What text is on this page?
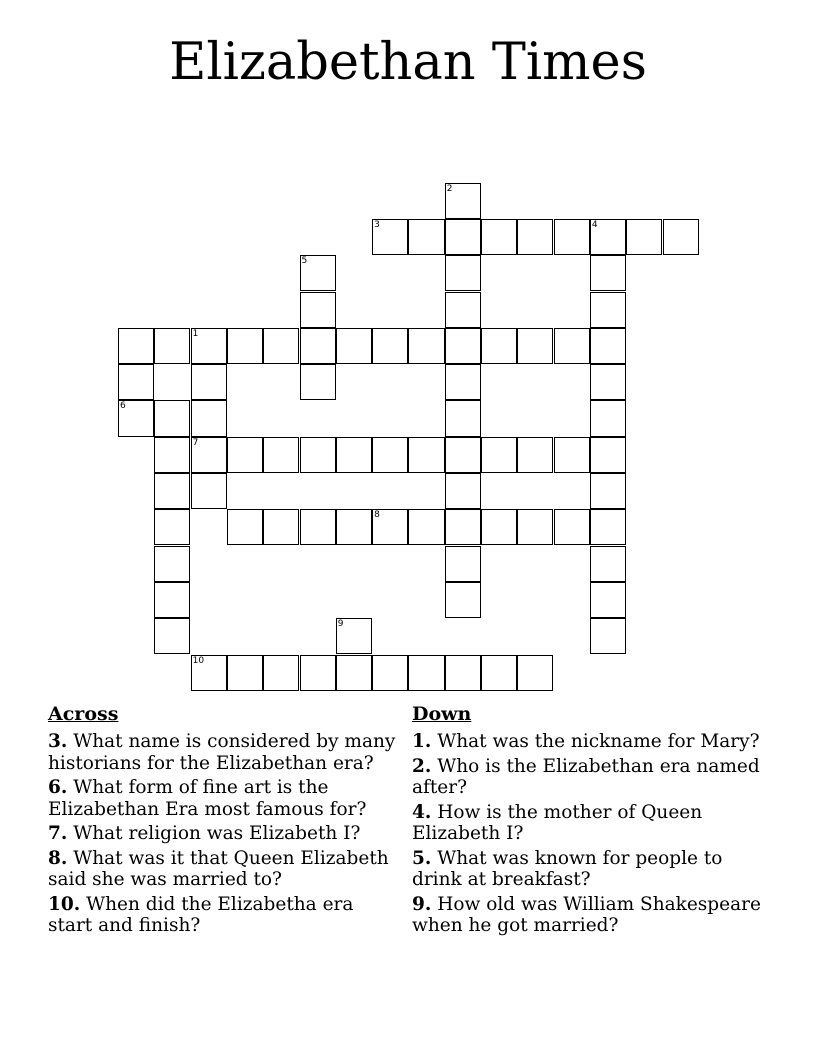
Elizabethan Times
6
1
7
10
5
9
3
8
2
4
Across
3. What name is considered by many historians for the Elizabethan era?
6. What form of fine art is the Elizabethan Era most famous for?
7. What religion was Elizabeth I?
8. What was it that Queen Elizabeth said she was married to?
10. When did the Elizabetha era start and finish?
Down
1. What was the nickname for Mary?
2. Who is the Elizabethan era named after?
4. How is the mother of Queen Elizabeth I?
5. What was known for people to drink at breakfast?
9. How old was William Shakespeare when he got married?
